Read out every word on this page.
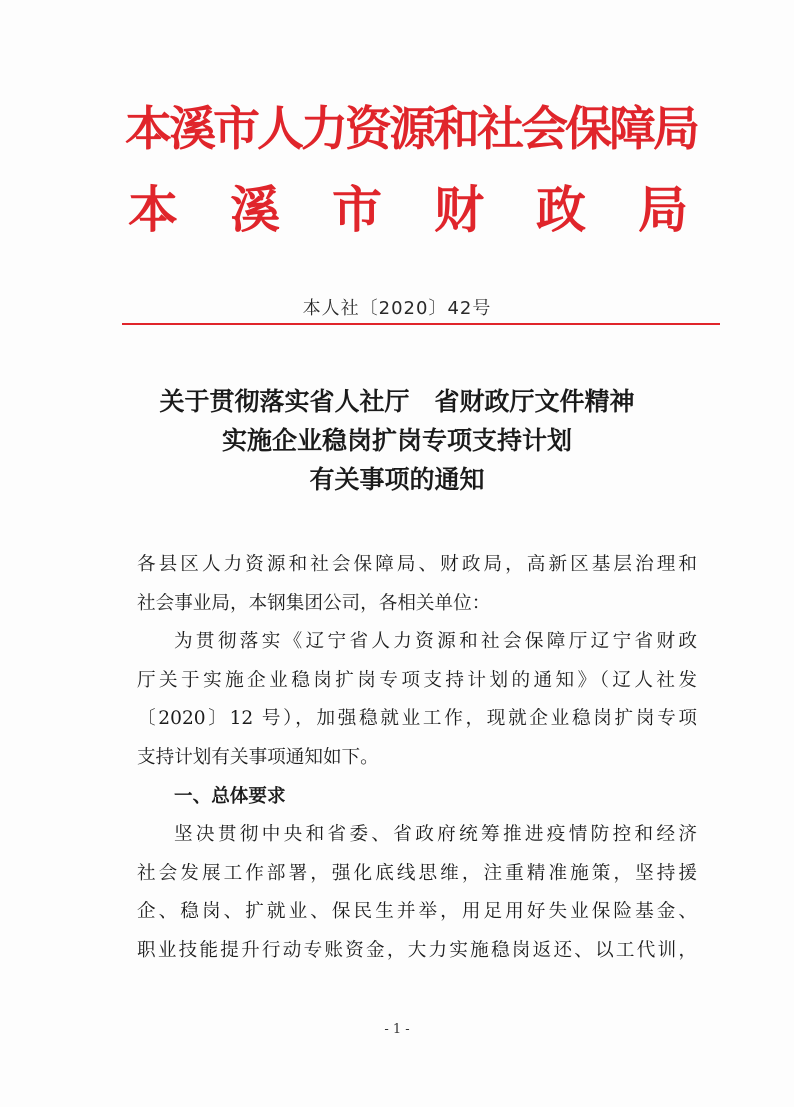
本溪市人力资源和社会保障局
本 溪 市 财 政 局
本人社〔2020〕42号
关于贯彻落实省人社厅　省财政厅文件精神
实施企业稳岗扩岗专项支持计划
有关事项的通知
各县区人力资源和社会保障局、财政局，高新区基层治理和
社会事业局，本钢集团公司，各相关单位：
为贯彻落实《辽宁省人力资源和社会保障厅辽宁省财政
厅关于实施企业稳岗扩岗专项支持计划的通知》（辽人社发
〔2020〕12 号），加强稳就业工作，现就企业稳岗扩岗专项
支持计划有关事项通知如下。
一、总体要求
坚决贯彻中央和省委、省政府统筹推进疫情防控和经济
社会发展工作部署，强化底线思维，注重精准施策，坚持援
企、稳岗、扩就业、保民生并举，用足用好失业保险基金、
职业技能提升行动专账资金，大力实施稳岗返还、以工代训，
- 1 -
